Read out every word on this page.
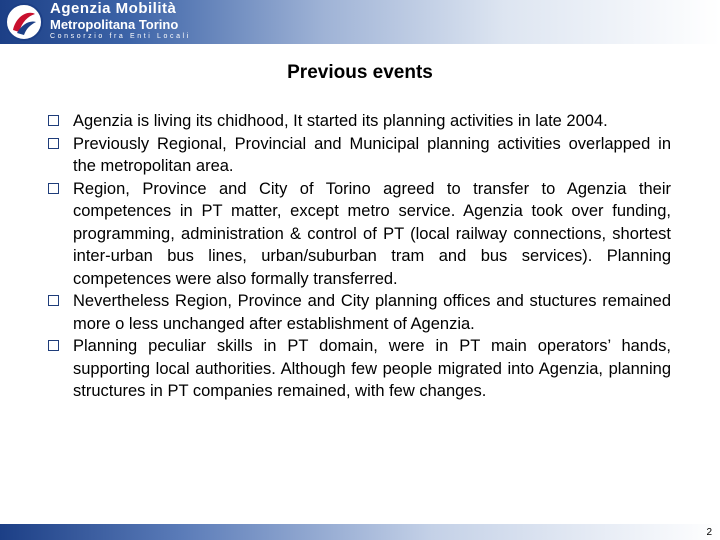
Agenzia Mobilità
Metropolitana Torino
Consorzio fra Enti Locali
Previous events
Agenzia is living its chidhood, It started its planning activities in late 2004.
Previously Regional, Provincial and Municipal planning activities overlapped in the metropolitan area.
Region, Province and City of Torino agreed to transfer to Agenzia their competences in PT matter, except metro service. Agenzia took over funding, programming, administration & control of PT (local railway connections, shortest inter-urban bus lines, urban/suburban tram and bus services). Planning competences were also formally transferred.
Nevertheless Region, Province and City planning offices and stuctures remained more o less unchanged after establishment of Agenzia.
Planning peculiar skills in PT domain, were in PT main operators’ hands, supporting local authorities. Although few people migrated into Agenzia, planning structures in PT companies remained, with few changes.
2
